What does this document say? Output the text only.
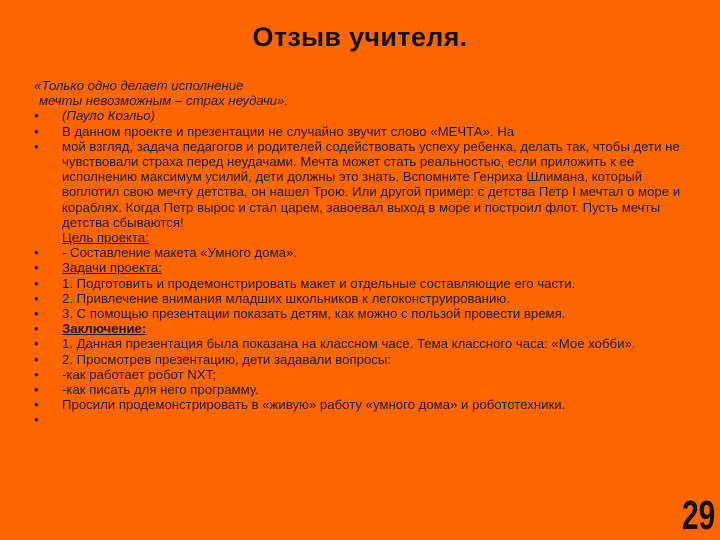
Отзыв учителя.
«Только одно делает исполнение
мечты невозможным – страх неудачи».
•	(Пауло Коэльо)
•	В данном проекте и презентации не случайно звучит слово «МЕЧТА». На
•	мой взгляд, задача педагогов и родителей содействовать успеху ребенка, делать так, чтобы дети не чувствовали страха перед неудачами. Мечта может стать реальностью, если приложить к ее исполнению максимум усилий, дети должны это знать. Вспомните Генриха Шлимана, который воплотил свою мечту детства, он нашел Трою. Или другой пример: с детства Петр I мечтал о море и кораблях. Когда Петр вырос и стал царем, завоевал выход в море и построил флот. Пусть мечты детства сбываются!
Цель проекта:
•	- Составление макета «Умного дома».
•	Задачи проекта:
•	1. Подготовить и продемонстрировать макет и отдельные составляющие его части.
•	2. Привлечение внимания младших школьников к легоконструированию.
•	3. С помощью презентации показать детям, как можно с пользой провести время.
•	Заключение:
•	1. Данная презентация была показана на классном часе. Тема классного часа: «Мое хобби».
•	2. Просмотрев презентацию, дети задавали вопросы:
•	-как работает робот NXT;
•	-как писать для него программу.
•	Просили продемонстрировать в «живую» работу «умного дома» и робототехники.
•
29
